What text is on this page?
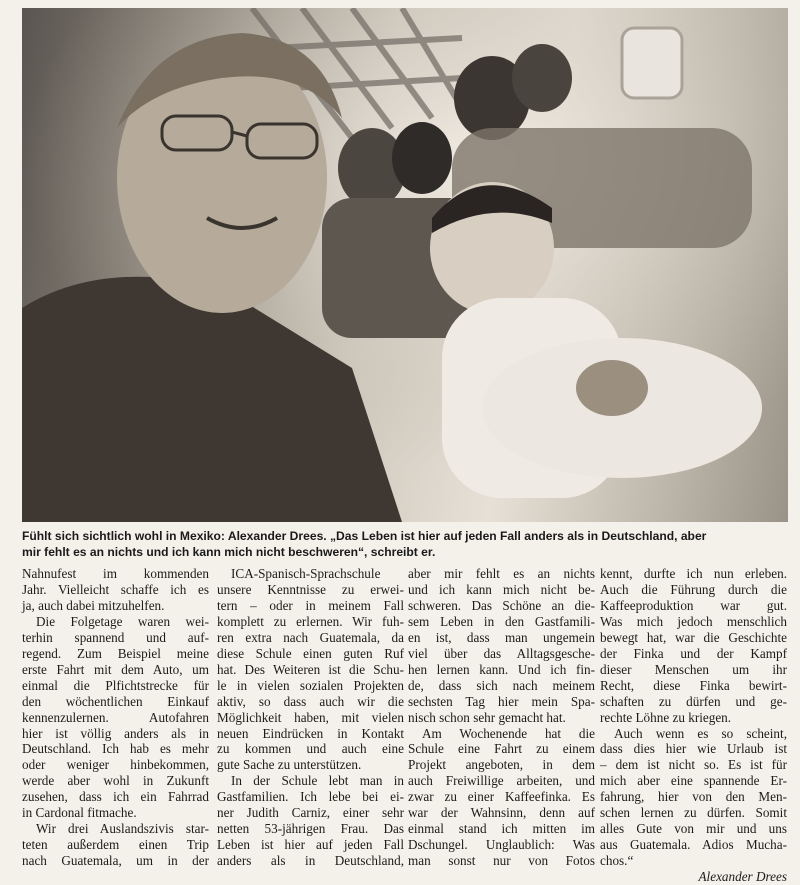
Fühlt sich sichtlich wohl in Mexiko: Alexander Drees. „Das Leben ist hier auf jeden Fall anders als in Deutschland, aber
mir fehlt es an nichts und ich kann mich nicht beschweren“, schreibt er.
Nahnufest im kommenden
Jahr. Vielleicht schaffe ich es
ja, auch dabei mitzuhelfen.
Die Folgetage waren wei-
terhin spannend und auf-
regend. Zum Beispiel meine
erste Fahrt mit dem Auto, um
einmal die Plfichtstrecke für
den wöchentlichen Einkauf
kennenzulernen. Autofahren
hier ist völlig anders als in
Deutschland. Ich hab es mehr
oder weniger hinbekommen,
werde aber wohl in Zukunft
zusehen, dass ich ein Fahrrad
in Cardonal fitmache.
Wir drei Auslandszivis star-
teten außerdem einen Trip
nach Guatemala, um in der
ICA-Spanisch-Sprachschule
unsere Kenntnisse zu erwei-
tern – oder in meinem Fall
komplett zu erlernen. Wir fuh-
ren extra nach Guatemala, da
diese Schule einen guten Ruf
hat. Des Weiteren ist die Schu-
le in vielen sozialen Projekten
aktiv, so dass auch wir die
Möglichkeit haben, mit vielen
neuen Eindrücken in Kontakt
zu kommen und auch eine
gute Sache zu unterstützen.
In der Schule lebt man in
Gastfamilien. Ich lebe bei ei-
ner Judith Carniz, einer sehr
netten 53-jährigen Frau. Das
Leben ist hier auf jeden Fall
anders als in Deutschland,
aber mir fehlt es an nichts
und ich kann mich nicht be-
schweren. Das Schöne an die-
sem Leben in den Gastfamili-
en ist, dass man ungemein
viel über das Alltagsgesche-
hen lernen kann. Und ich fin-
de, dass sich nach meinem
sechsten Tag hier mein Spa-
nisch schon sehr gemacht hat.
Am Wochenende hat die
Schule eine Fahrt zu einem
Projekt angeboten, in dem
auch Freiwillige arbeiten, und
zwar zu einer Kaffeefinka. Es
war der Wahnsinn, denn auf
einmal stand ich mitten im
Dschungel. Unglaublich: Was
man sonst nur von Fotos
kennt, durfte ich nun erleben.
Auch die Führung durch die
Kaffeeproduktion war gut.
Was mich jedoch menschlich
bewegt hat, war die Geschichte
der Finka und der Kampf
dieser Menschen um ihr
Recht, diese Finka bewirt-
schaften zu dürfen und ge-
rechte Löhne zu kriegen.
Auch wenn es so scheint,
dass dies hier wie Urlaub ist
– dem ist nicht so. Es ist für
mich aber eine spannende Er-
fahrung, hier von den Men-
schen lernen zu dürfen. Somit
alles Gute von mir und uns
aus Guatemala. Adios Mucha-
chos.“
Alexander Drees
